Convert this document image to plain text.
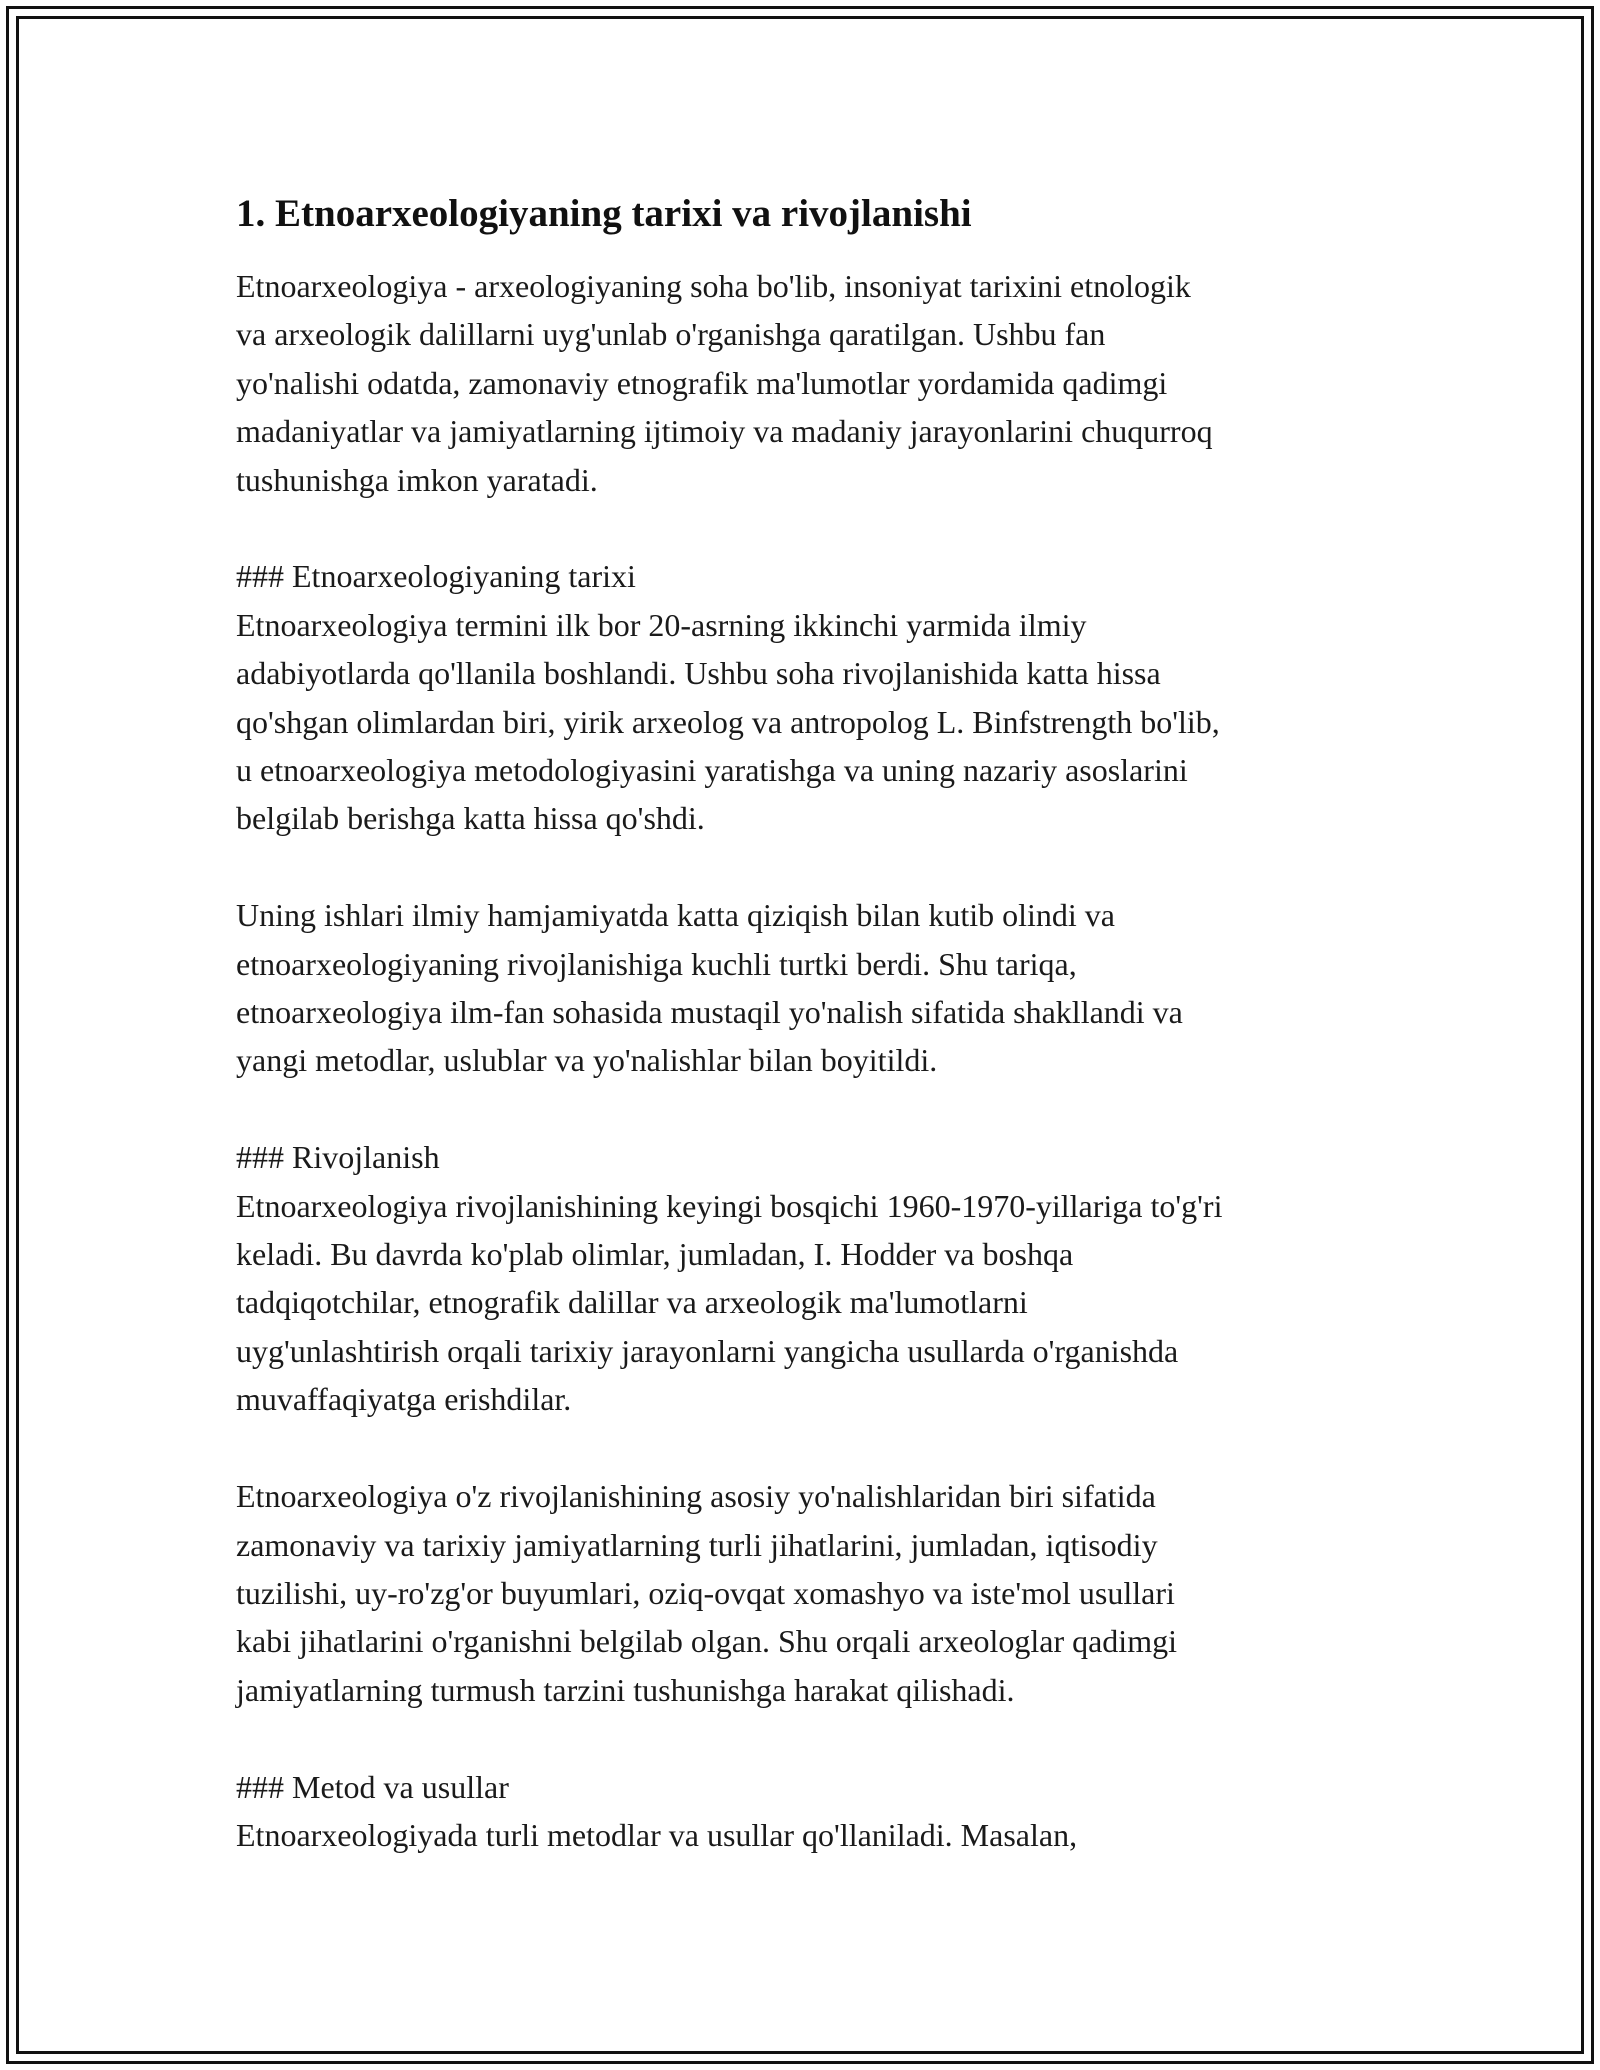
1. Etnoarxeologiyaning tarixi va rivojlanishi

Etnoarxeologiya - arxeologiyaning soha bo'lib, insoniyat tarixini etnologik
va arxeologik dalillarni uyg'unlab o'rganishga qaratilgan. Ushbu fan
yo'nalishi odatda, zamonaviy etnografik ma'lumotlar yordamida qadimgi
madaniyatlar va jamiyatlarning ijtimoiy va madaniy jarayonlarini chuqurroq
tushunishga imkon yaratadi.

### Etnoarxeologiyaning tarixi
Etnoarxeologiya termini ilk bor 20-asrning ikkinchi yarmida ilmiy
adabiyotlarda qo'llanila boshlandi. Ushbu soha rivojlanishida katta hissa
qo'shgan olimlardan biri, yirik arxeolog va antropolog L. Binfstrength bo'lib,
u etnoarxeologiya metodologiyasini yaratishga va uning nazariy asoslarini
belgilab berishga katta hissa qo'shdi.

Uning ishlari ilmiy hamjamiyatda katta qiziqish bilan kutib olindi va
etnoarxeologiyaning rivojlanishiga kuchli turtki berdi. Shu tariqa,
etnoarxeologiya ilm-fan sohasida mustaqil yo'nalish sifatida shakllandi va
yangi metodlar, uslublar va yo'nalishlar bilan boyitildi.

### Rivojlanish
Etnoarxeologiya rivojlanishining keyingi bosqichi 1960-1970-yillariga to'g'ri
keladi. Bu davrda ko'plab olimlar, jumladan, I. Hodder va boshqa
tadqiqotchilar, etnografik dalillar va arxeologik ma'lumotlarni
uyg'unlashtirish orqali tarixiy jarayonlarni yangicha usullarda o'rganishda
muvaffaqiyatga erishdilar.

Etnoarxeologiya o'z rivojlanishining asosiy yo'nalishlaridan biri sifatida
zamonaviy va tarixiy jamiyatlarning turli jihatlarini, jumladan, iqtisodiy
tuzilishi, uy-ro'zg'or buyumlari, oziq-ovqat xomashyo va iste'mol usullari
kabi jihatlarini o'rganishni belgilab olgan. Shu orqali arxeologlar qadimgi
jamiyatlarning turmush tarzini tushunishga harakat qilishadi.

### Metod va usullar
Etnoarxeologiyada turli metodlar va usullar qo'llaniladi. Masalan,
